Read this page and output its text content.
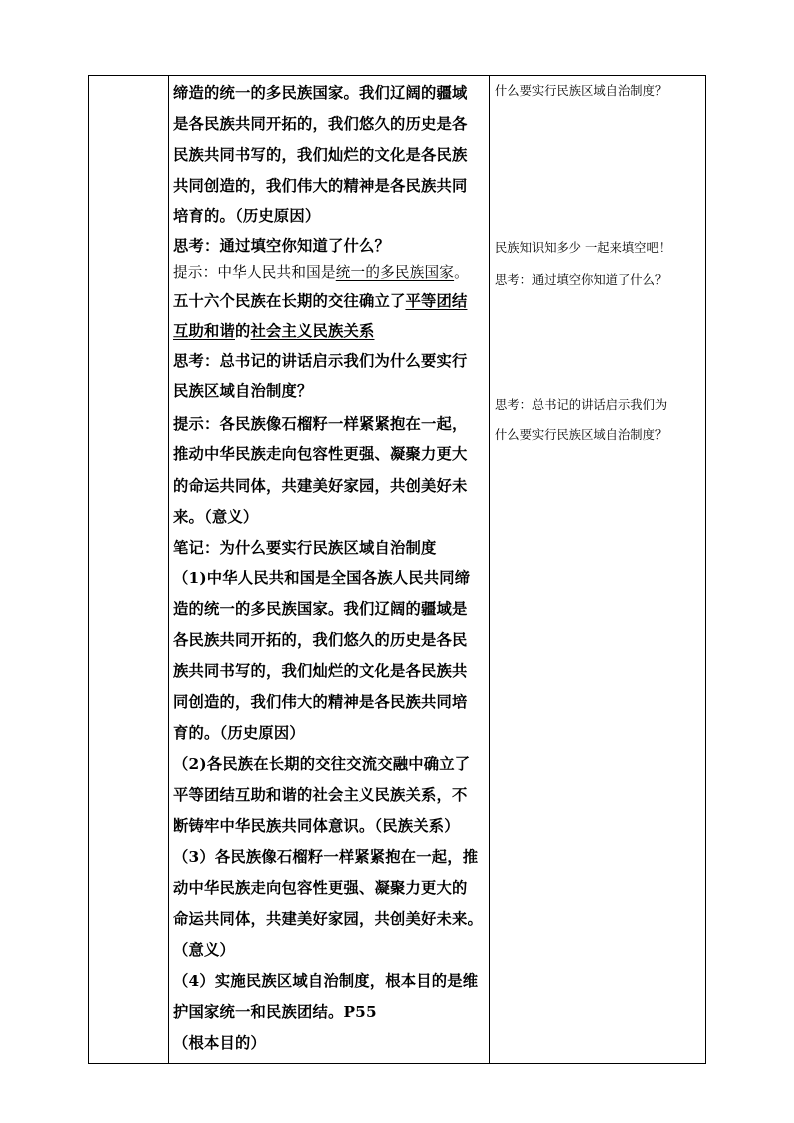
缔造的统一的多民族国家。我们辽阔的疆域
是各民族共同开拓的，我们悠久的历史是各
民族共同书写的，我们灿烂的文化是各民族
共同创造的，我们伟大的精神是各民族共同
培育的。（历史原因）
思考：通过填空你知道了什么？
提示：中华人民共和国是统一的多民族国家。
五十六个民族在长期的交往确立了平等团结
互助和谐的社会主义民族关系
思考：总书记的讲话启示我们为什么要实行
民族区域自治制度？
提示：各民族像石榴籽一样紧紧抱在一起，
推动中华民族走向包容性更强、凝聚力更大
的命运共同体，共建美好家园，共创美好未
来。（意义）
笔记：为什么要实行民族区域自治制度
（1)中华人民共和国是全国各族人民共同缔
造的统一的多民族国家。我们辽阔的疆域是
各民族共同开拓的，我们悠久的历史是各民
族共同书写的，我们灿烂的文化是各民族共
同创造的，我们伟大的精神是各民族共同培
育的。（历史原因）
（2)各民族在长期的交往交流交融中确立了
平等团结互助和谐的社会主义民族关系，不
断铸牢中华民族共同体意识。（民族关系）
（3）各民族像石榴籽一样紧紧抱在一起，推
动中华民族走向包容性更强、凝聚力更大的
命运共同体，共建美好家园，共创美好未来。
（意义）
（4）实施民族区域自治制度，根本目的是维
护国家统一和民族团结。P55
（根本目的）
什么要实行民族区域自治制度？
民族知识知多少 一起来填空吧！
思考：通过填空你知道了什么？
思考：总书记的讲话启示我们为
什么要实行民族区域自治制度？
